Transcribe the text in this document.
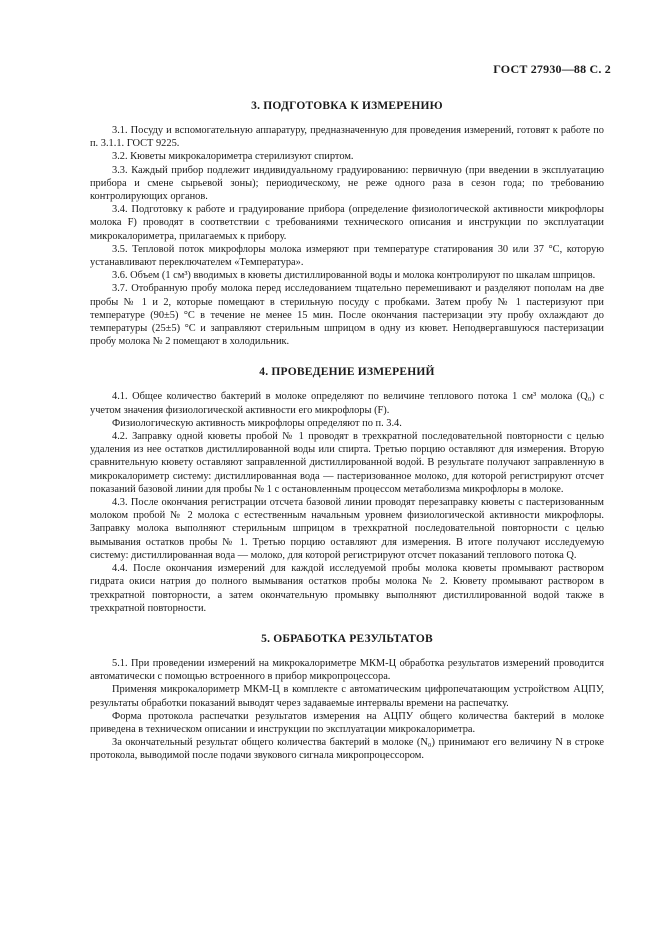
ГОСТ 27930—88 С. 2
3. ПОДГОТОВКА К ИЗМЕРЕНИЮ

3.1. Посуду и вспомогательную аппаратуру, предназначенную для проведения измерений, готовят к работе по п. 3.1.1. ГОСТ 9225.

3.2. Кюветы микрокалориметра стерилизуют спиртом.

3.3. Каждый прибор подлежит индивидуальному градуированию: первичную (при введении в эксплуатацию прибора и смене сырьевой зоны); периодическому, не реже одного раза в сезон года; по требованию контролирующих органов.

3.4. Подготовку к работе и градуирование прибора (определение физиологической активности микрофлоры молока F) проводят в соответствии с требованиями технического описания и инструкции по эксплуатации микрокалориметра, прилагаемых к прибору.

3.5. Тепловой поток микрофлоры молока измеряют при температуре статирования 30 или 37 °С, которую устанавливают переключателем «Температура».

3.6. Объем (1 см³) вводимых в кюветы дистиллированной воды и молока контролируют по шкалам шприцов.

3.7. Отобранную пробу молока перед исследованием тщательно перемешивают и разделяют пополам на две пробы № 1 и 2, которые помещают в стерильную посуду с пробками. Затем пробу № 1 пастеризуют при температуре (90±5) °С в течение не менее 15 мин. После окончания пастеризации эту пробу охлаждают до температуры (25±5) °С и заправляют стерильным шприцом в одну из кювет. Неподвергавшуюся пастеризации пробу молока № 2 помещают в холодильник.

4. ПРОВЕДЕНИЕ ИЗМЕРЕНИЙ

4.1. Общее количество бактерий в молоке определяют по величине теплового потока 1 см³ молока (Q₀) с учетом значения физиологической активности его микрофлоры (F).

Физиологическую активность микрофлоры определяют по п. 3.4.

4.2. Заправку одной кюветы пробой № 1 проводят в трехкратной последовательной повторности с целью удаления из нее остатков дистиллированной воды или спирта. Третью порцию оставляют для измерения. Вторую сравнительную кювету оставляют заправленной дистиллированной водой. В результате получают заправленную в микрокалориметр систему: дистиллированная вода — пастеризованное молоко, для которой регистрируют отсчет показаний базовой линии для пробы № 1 с остановленным процессом метаболизма микрофлоры в молоке.

4.3. После окончания регистрации отсчета базовой линии проводят перезаправку кюветы с пастеризованным молоком пробой № 2 молока с естественным начальным уровнем физиологической активности микрофлоры. Заправку молока выполняют стерильным шприцом в трехкратной последовательной повторности с целью вымывания остатков пробы № 1. Третью порцию оставляют для измерения. В итоге получают исследуемую систему: дистиллированная вода — молоко, для которой регистрируют отсчет показаний теплового потока Q.

4.4. После окончания измерений для каждой исследуемой пробы молока кюветы промывают раствором гидрата окиси натрия до полного вымывания остатков пробы молока № 2. Кювету промывают раствором в трехкратной повторности, а затем окончательную промывку выполняют дистиллированной водой также в трехкратной повторности.

5. ОБРАБОТКА РЕЗУЛЬТАТОВ

5.1. При проведении измерений на микрокалориметре МКМ-Ц обработка результатов измерений проводится автоматически с помощью встроенного в прибор микропроцессора.

Применяя микрокалориметр МКМ-Ц в комплекте с автоматическим цифропечатающим устройством АЦПУ, результаты обработки показаний выводят через задаваемые интервалы времени на распечатку.

Форма протокола распечатки результатов измерения на АЦПУ общего количества бактерий в молоке приведена в техническом описании и инструкции по эксплуатации микрокалориметра.

За окончательный результат общего количества бактерий в молоке (N₀) принимают его величину N в строке протокола, выводимой после подачи звукового сигнала микропроцессором.
